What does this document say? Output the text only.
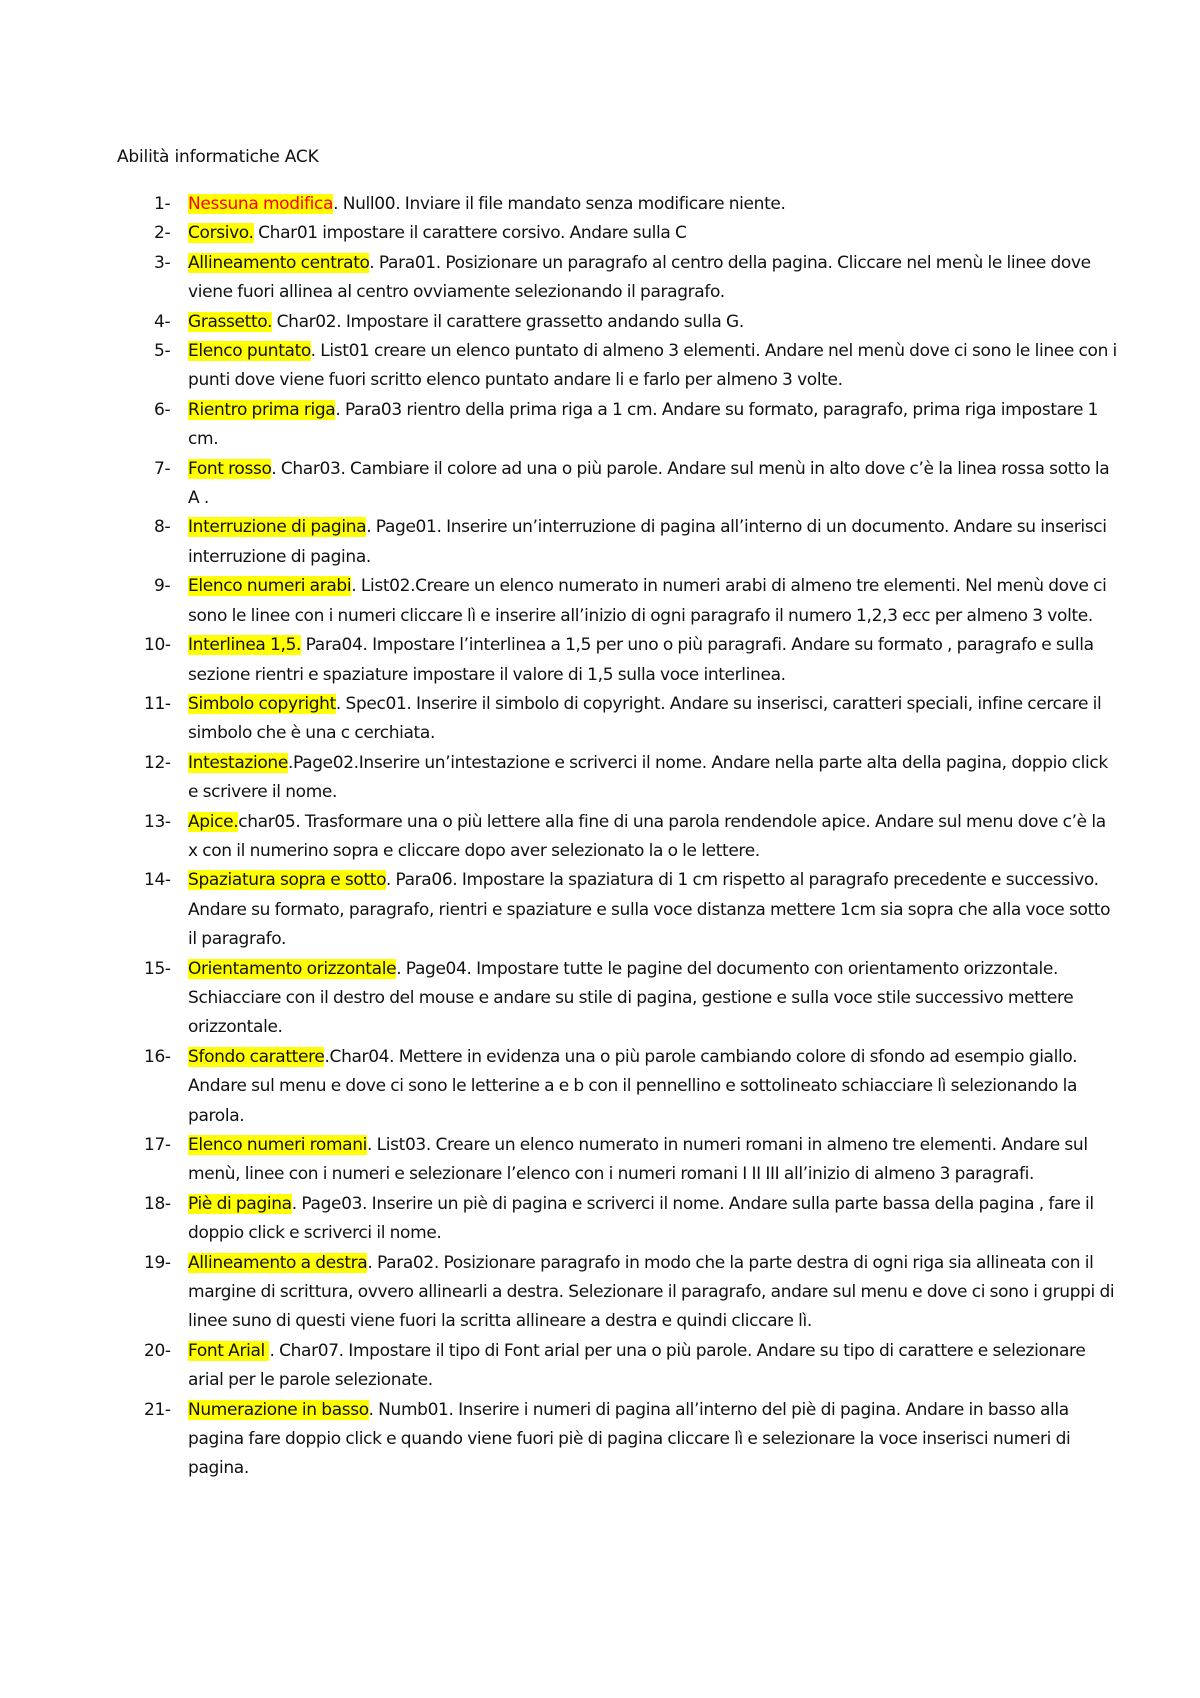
Abilità informatiche ACK
1- Nessuna modifica. Null00. Inviare il file mandato senza modificare niente.
2- Corsivo. Char01 impostare il carattere corsivo. Andare sulla C
3- Allineamento centrato. Para01. Posizionare un paragrafo al centro della pagina. Cliccare nel menù le linee dove viene fuori allinea al centro ovviamente selezionando il paragrafo.
4- Grassetto. Char02. Impostare il carattere grassetto andando sulla G.
5- Elenco puntato. List01 creare un elenco puntato di almeno 3 elementi. Andare nel menù dove ci sono le linee con i punti dove viene fuori scritto elenco puntato andare li e farlo per almeno 3 volte.
6- Rientro prima riga. Para03 rientro della prima riga a 1 cm. Andare su formato, paragrafo, prima riga impostare 1 cm.
7- Font rosso. Char03. Cambiare il colore ad una o più parole. Andare sul menù in alto dove c’è la linea rossa sotto la A .
8- Interruzione di pagina. Page01. Inserire un’interruzione di pagina all’interno di un documento. Andare su inserisci interruzione di pagina.
9- Elenco numeri arabi. List02.Creare un elenco numerato in numeri arabi di almeno tre elementi. Nel menù dove ci sono le linee con i numeri cliccare lì e inserire all’inizio di ogni paragrafo il numero 1,2,3 ecc per almeno 3 volte.
10- Interlinea 1,5. Para04. Impostare l’interlinea a 1,5 per uno o più paragrafi. Andare su formato , paragrafo e sulla sezione rientri e spaziature impostare il valore di 1,5 sulla voce interlinea.
11- Simbolo copyright. Spec01. Inserire il simbolo di copyright. Andare su inserisci, caratteri speciali, infine cercare il simbolo che è una c cerchiata.
12- Intestazione.Page02.Inserire un’intestazione e scriverci il nome. Andare nella parte alta della pagina, doppio click e scrivere il nome.
13- Apice.char05. Trasformare una o più lettere alla fine di una parola rendendole apice. Andare sul menu dove c’è la x con il numerino sopra e cliccare dopo aver selezionato la o le lettere.
14- Spaziatura sopra e sotto. Para06. Impostare la spaziatura di 1 cm rispetto al paragrafo precedente e successivo. Andare su formato, paragrafo, rientri e spaziature e sulla voce distanza mettere 1cm sia sopra che alla voce sotto il paragrafo.
15- Orientamento orizzontale. Page04. Impostare tutte le pagine del documento con orientamento orizzontale. Schiacciare con il destro del mouse e andare su stile di pagina, gestione e sulla voce stile successivo mettere orizzontale.
16- Sfondo carattere.Char04. Mettere in evidenza una o più parole cambiando colore di sfondo ad esempio giallo. Andare sul menu e dove ci sono le letterine a e b con il pennellino e sottolineato schiacciare lì selezionando la parola.
17- Elenco numeri romani. List03. Creare un elenco numerato in numeri romani in almeno tre elementi. Andare sul menù, linee con i numeri e selezionare l’elenco con i numeri romani I II III all’inizio di almeno 3 paragrafi.
18- Piè di pagina. Page03. Inserire un piè di pagina e scriverci il nome. Andare sulla parte bassa della pagina , fare il doppio click e scriverci il nome.
19- Allineamento a destra. Para02. Posizionare paragrafo in modo che la parte destra di ogni riga sia allineata con il margine di scrittura, ovvero allinearli a destra. Selezionare il paragrafo, andare sul menu e dove ci sono i gruppi di linee suno di questi viene fuori la scritta allineare a destra e quindi cliccare lì.
20- Font Arial . Char07. Impostare il tipo di Font arial per una o più parole. Andare su tipo di carattere e selezionare arial per le parole selezionate.
21- Numerazione in basso. Numb01. Inserire i numeri di pagina all’interno del piè di pagina. Andare in basso alla pagina fare doppio click e quando viene fuori piè di pagina cliccare lì e selezionare la voce inserisci numeri di pagina.
